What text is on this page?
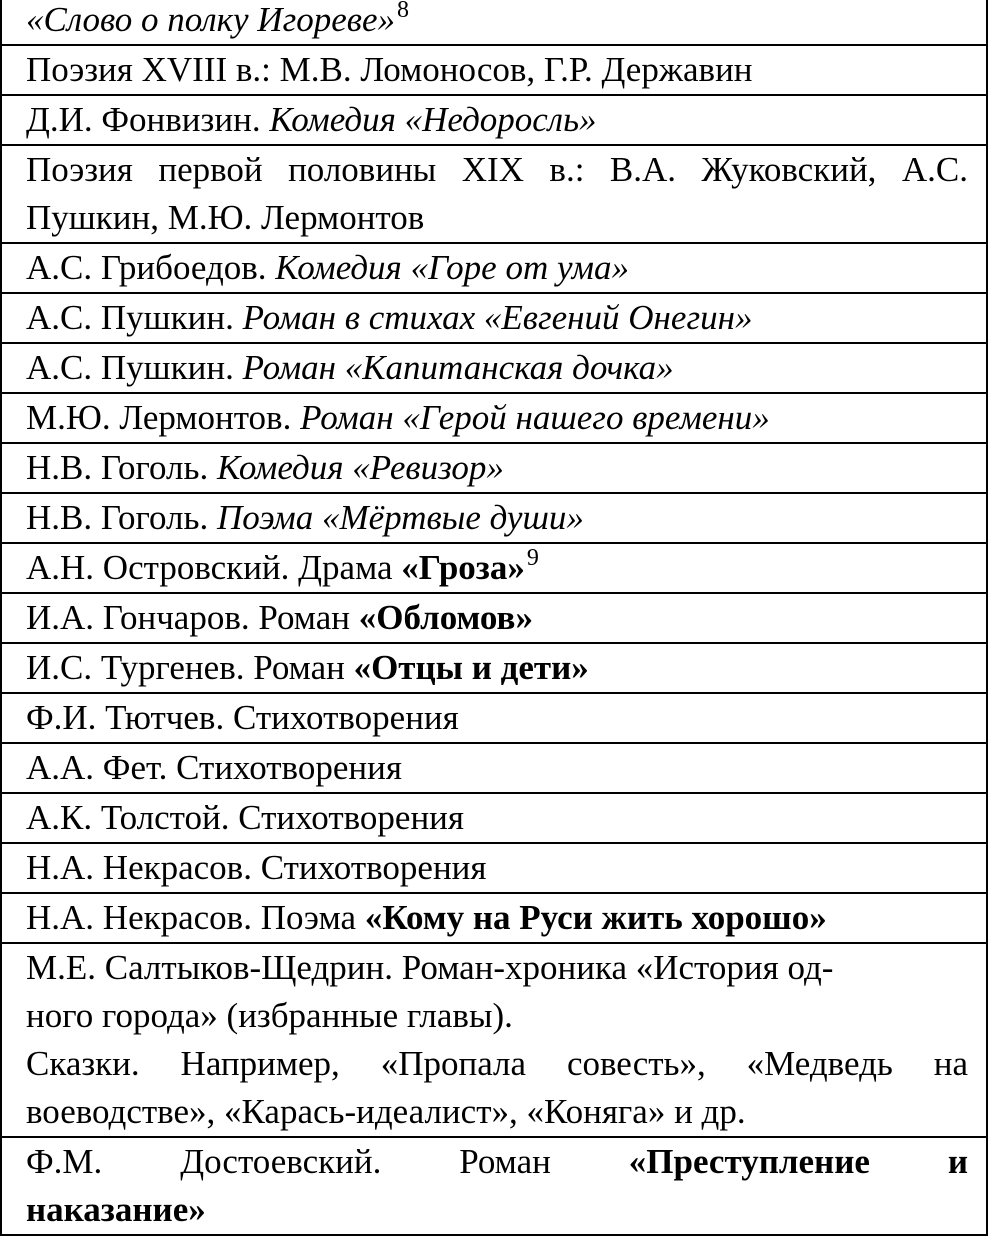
«Слово о полку Игореве»$^8$
Поэзия XVIII в.: М.В. Ломоносов, Г.Р. Державин
Д.И. Фонвизин. Комедия «Недоросль»
Поэзия первой половины XIX в.: В.А. Жуковский, А.С. Пушкин, М.Ю. Лермонтов
А.С. Грибоедов. Комедия «Горе от ума»
А.С. Пушкин. Роман в стихах «Евгений Онегин»
А.С. Пушкин. Роман «Капитанская дочка»
М.Ю. Лермонтов. Роман «Герой нашего времени»
Н.В. Гоголь. Комедия «Ревизор»
Н.В. Гоголь. Поэма «Мёртвые души»
А.Н. Островский. Драма «Гроза»$^9$
И.А. Гончаров. Роман «Обломов»
И.С. Тургенев. Роман «Отцы и дети»
Ф.И. Тютчев. Стихотворения
А.А. Фет. Стихотворения
А.К. Толстой. Стихотворения
Н.А. Некрасов. Стихотворения
Н.А. Некрасов. Поэма «Кому на Руси жить хорошо»

М.Е. Салтыков-Щедрин. Роман-хроника «История од-
ного города» (избранные главы).
Сказки. Например, «Пропала совесть», «Медведь на воеводстве», «Карась-идеалист», «Коняга» и др.

Ф.М. Достоевский. Роман «Преступление и
наказание»
